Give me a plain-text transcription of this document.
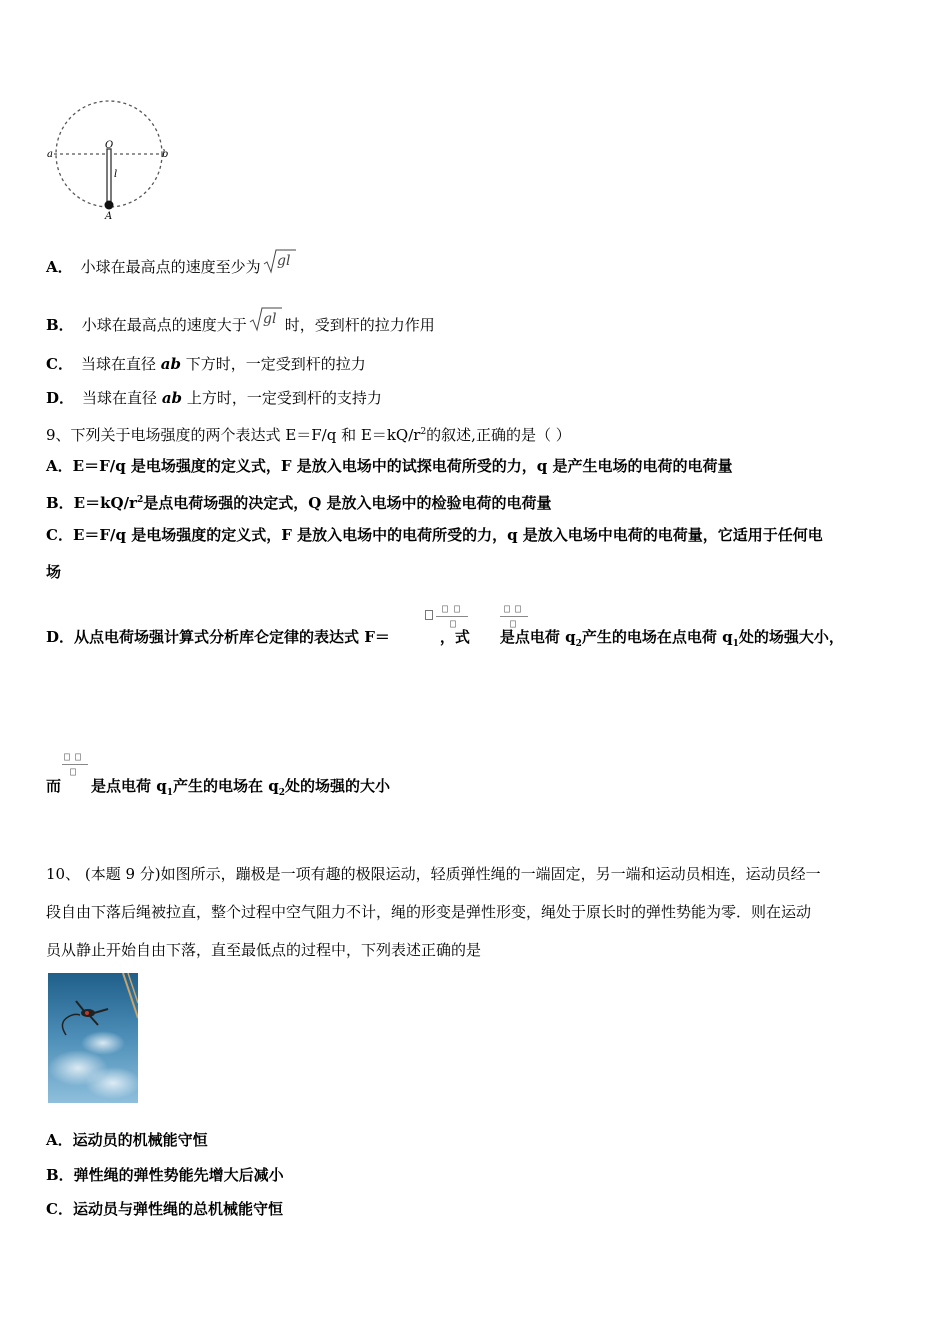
O
a	b
l
A
A． 小球在最高点的速度至少为 gl
B． 小球在最高点的速度大于 gl 时，受到杆的拉力作用
C． 当球在直径 ab 下方时，一定受到杆的拉力
D． 当球在直径 ab 上方时，一定受到杆的支持力
9、下列关于电场强度的两个表达式 E＝F/q 和 $E=kQ/r^2$的叙述,正确的是（ ）
A．E＝F/q 是电场强度的定义式，F 是放入电场中的试探电荷所受的力，q 是产生电场的电荷的电荷量
B．$E=kQ/r^2$是点电荷场强的决定式，Q 是放入电场中的检验电荷的电荷量
C．E＝F/q 是电场强度的定义式，F 是放入电场中的电荷所受的力，q 是放入电场中电荷的电荷量，它适用于任何电
场
D．从点电荷场强计算式分析库仑定律的表达式 F＝	，式 是点电荷 $q_2$产生的电场在点电荷 $q_1$处的场强大小，
而 是点电荷 $q_1$产生的电场在 $q_2$处的场强的大小
10、 (本题 9 分)如图所示，蹦极是一项有趣的极限运动，轻质弹性绳的一端固定，另一端和运动员相连，运动员经一
段自由下落后绳被拉直，整个过程中空气阻力不计，绳的形变是弹性形变，绳处于原长时的弹性势能为零．则在运动
员从静止开始自由下落，直至最低点的过程中，下列表述正确的是
A．运动员的机械能守恒
B．弹性绳的弹性势能先增大后减小
C．运动员与弹性绳的总机械能守恒
